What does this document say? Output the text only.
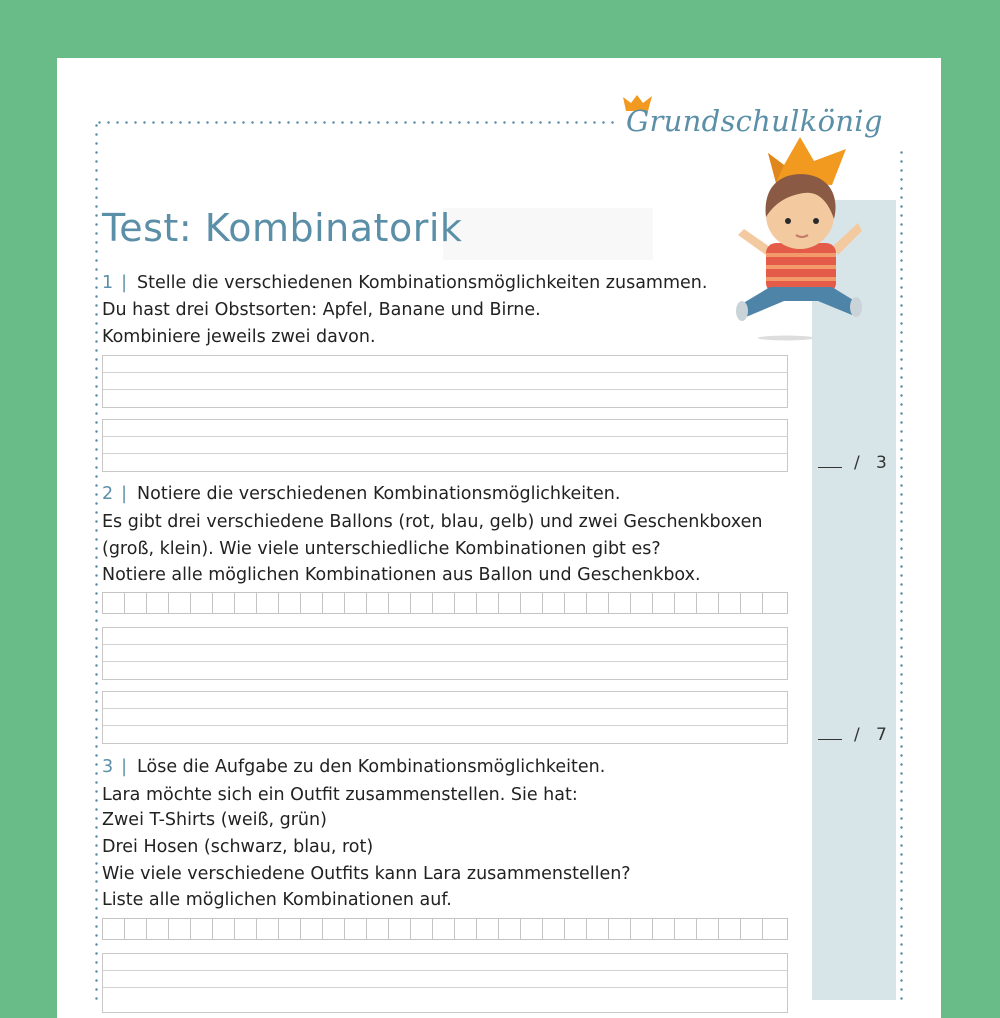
Grundschulkönig
Test: Kombinatorik
1 | Stelle die verschiedenen Kombinationsmöglichkeiten zusammen.
Du hast drei Obstsorten: Apfel, Banane und Birne.
Kombiniere jeweils zwei davon.
/ 3
2 | Notiere die verschiedenen Kombinationsmöglichkeiten.
Es gibt drei verschiedene Ballons (rot, blau, gelb) und zwei Geschenkboxen
(groß, klein). Wie viele unterschiedliche Kombinationen gibt es?
Notiere alle möglichen Kombinationen aus Ballon und Geschenkbox.
/ 7
3 | Löse die Aufgabe zu den Kombinationsmöglichkeiten.
Lara möchte sich ein Outfit zusammenstellen. Sie hat:
Zwei T-Shirts (weiß, grün)
Drei Hosen (schwarz, blau, rot)
Wie viele verschiedene Outfits kann Lara zusammenstellen?
Liste alle möglichen Kombinationen auf.
